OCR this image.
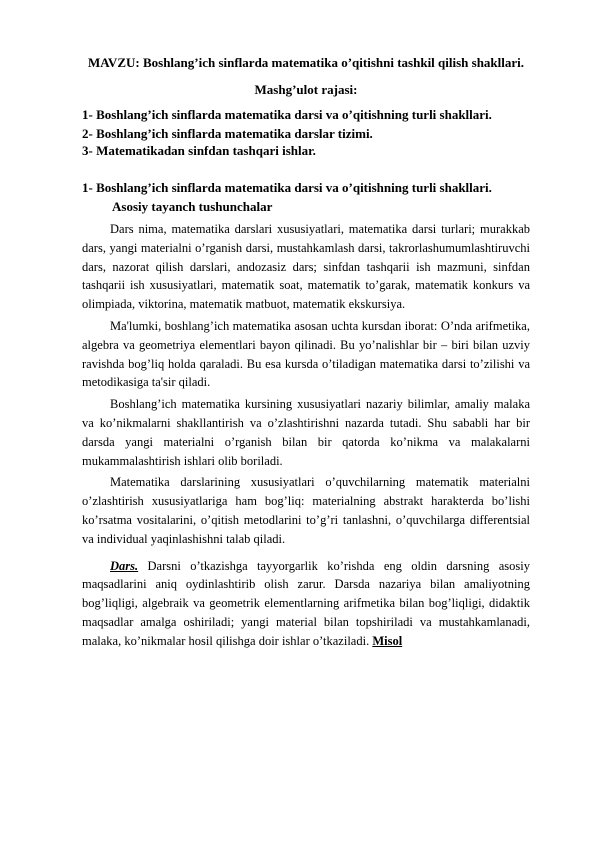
MAVZU: Boshlang’ich sinflarda matematika o’qitishni tashkil qilish shakllari.

Mashg’ulot rajasi:

1- Boshlang’ich sinflarda matematika darsi va o’qitishning turli shakllari.

2- Boshlang’ich sinflarda matematika darslar tizimi.

3- Matematikadan sinfdan tashqari ishlar.

1- Boshlang’ich sinflarda matematika darsi va o’qitishning turli shakllari.

Asosiy tayanch tushunchalar

Dars nima, matematika darslari xususiyatlari, matematika darsi turlari; murakkab dars, yangi materialni o’rganish darsi, mustahkamlash darsi, takrorlashumumlashtiruvchi dars, nazorat qilish darslari, andozasiz dars; sinfdan tashqarii ish mazmuni, sinfdan tashqarii ish xususiyatlari, matematik soat, matematik to’garak, matematik konkurs va olimpiada, viktorina, matematik matbuot, matematik ekskursiya.

Ma'lumki, boshlang’ich matematika asosan uchta kursdan iborat: O’nda arifmetika, algebra va geometriya elementlari bayon qilinadi. Bu yo’nalishlar bir – biri bilan uzviy ravishda bog’liq holda qaraladi. Bu esa kursda o’tiladigan matematika darsi to’zilishi va metodikasiga ta'sir qiladi.

Boshlang’ich matematika kursining xususiyatlari nazariy bilimlar, amaliy malaka va ko’nikmalarni shakllantirish va o’zlashtirishni nazarda tutadi. Shu sababli har bir darsda yangi materialni o’rganish bilan bir qatorda ko’nikma va malakalarni mukammalashtirish ishlari olib boriladi.

Matematika darslarining xususiyatlari o’quvchilarning matematik materialni o’zlashtirish xususiyatlariga ham bog’liq: materialning abstrakt harakterda bo’lishi ko’rsatma vositalarini, o’qitish metodlarini to’g’ri tanlashni, o’quvchilarga differentsial va individual yaqinlashishni talab qiladi.

Dars. Darsni o’tkazishga tayyorgarlik ko’rishda eng oldin darsning asosiy maqsadlarini aniq oydinlashtirib olish zarur. Darsda nazariya bilan amaliyotning bog’liqligi, algebraik va geometrik elementlarning arifmetika bilan bog’liqligi, didaktik maqsadlar amalga oshiriladi; yangi material bilan topshiriladi va mustahkamlanadi, malaka, ko’nikmalar hosil qilishga doir ishlar o’tkaziladi. Misol
